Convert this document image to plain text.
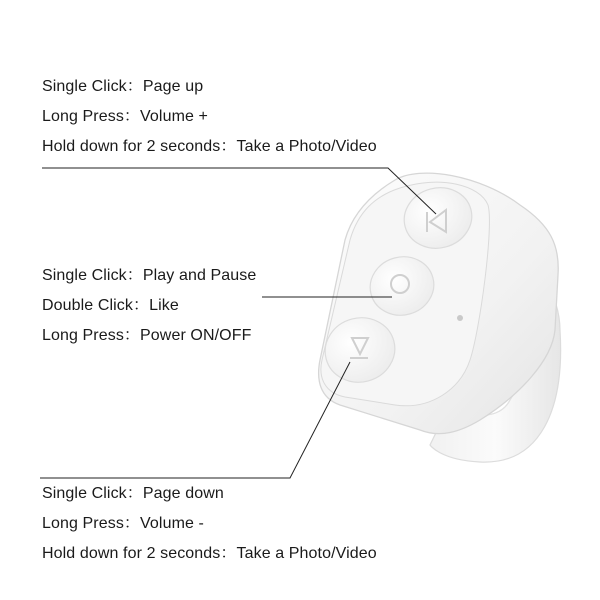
Single Click：Page up
Long Press：Volume +
Hold down for 2 seconds：Take a Photo/Video
Single Click：Play and Pause
Double Click：Like
Long Press：Power ON/OFF
Single Click：Page down
Long Press：Volume -
Hold down for 2 seconds：Take a Photo/Video
